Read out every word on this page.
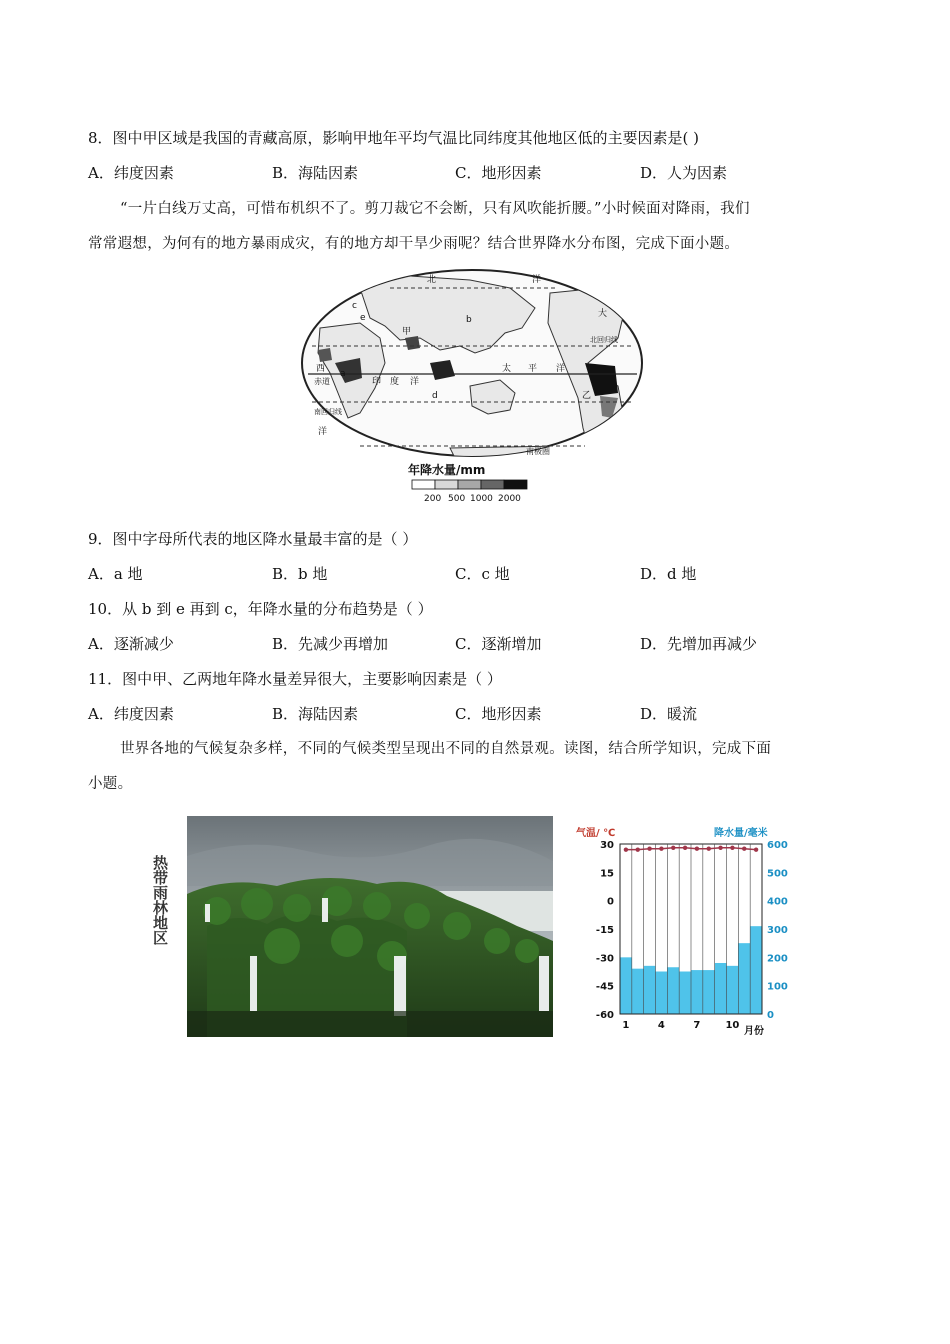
8．图中甲区域是我国的青藏高原，影响甲地年平均气温比同纬度其他地区低的主要因素是( )
A．纬度因素	B．海陆因素	C．地形因素	D．人为因素
“一片白线万丈高，可惜布机织不了。剪刀裁它不会断，只有风吹能折腰。”小时候面对降雨，我们
常常遐想，为何有的地方暴雨成灾，有的地方却干旱少雨呢？结合世界降水分布图，完成下面小题。
北	洋
大
西
赤道	印 度 洋
太 平 洋
北回归线
南回归线
洋
南极圈
甲
乙
a
b
c
d
e
年降水量/mm
200 500 1000 2000
9．图中字母所代表的地区降水量最丰富的是（ ）
A．a 地	B．b 地	C．c 地	D．d 地
10．从 b 到 e 再到 c，年降水量的分布趋势是（ ）
A．逐渐减少	B．先减少再增加	C．逐渐增加	D．先增加再减少
11．图中甲、乙两地年降水量差异很大，主要影响因素是（ ）
A．纬度因素	B．海陆因素	C．地形因素	D．暖流
世界各地的气候复杂多样，不同的气候类型呈现出不同的自然景观。读图，结合所学知识，完成下面
小题。
热带雨林地区
气温/ ℃	降水量/毫米
30
15
0
-15
-30
-45
-60
600
500
400
300
200
100
0
1	4	7	10
月份
